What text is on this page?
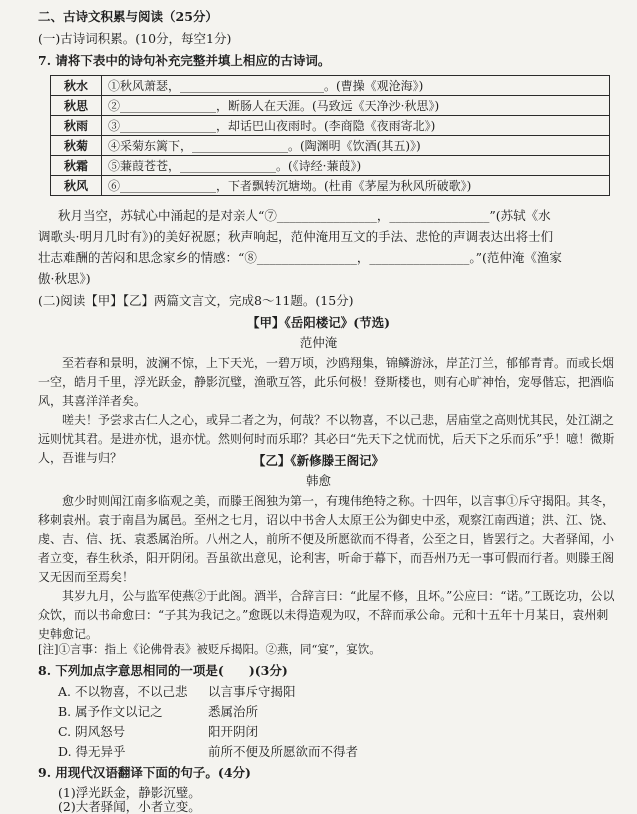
二、古诗文积累与阅读（25分）
(一)古诗词积累。(10分，每空1分)
7. 请将下表中的诗句补充完整并填上相应的古诗词。
秋水	①秋风萧瑟，________________________。(曹操《观沧海》)
秋思	②________________，断肠人在天涯。(马致远《天净沙·秋思》)
秋雨	③________________，却话巴山夜雨时。(李商隐《夜雨寄北》)
秋菊	④采菊东篱下，________________。(陶渊明《饮酒(其五)》)
秋霜	⑤蒹葭苍苍，________________。(《诗经·蒹葭》)
秋风	⑥________________，下者飘转沉塘坳。(杜甫《茅屋为秋风所破歌》)
秋月当空，苏轼心中涌起的是对亲人“⑦________________，________________”(苏轼《水
调歌头·明月几时有》)的美好祝愿；秋声响起，范仲淹用互文的手法、悲怆的声调表达出将士们
壮志难酬的苦闷和思念家乡的情感：“⑧________________，________________。”(范仲淹《渔家
傲·秋思》)
(二)阅读【甲】【乙】两篇文言文，完成8～11题。(15分)
【甲】《岳阳楼记》(节选)
范仲淹

至若春和景明，波澜不惊，上下天光，一碧万顷，沙鸥翔集，锦鳞游泳，岸芷汀兰，郁郁青青。而或长烟一空，皓月千里，浮光跃金，静影沉璧，渔歌互答，此乐何极！登斯楼也，则有心旷神怡，宠辱偕忘，把酒临风，其喜洋洋者矣。

嗟夫！予尝求古仁人之心，或异二者之为，何哉？不以物喜，不以己悲，居庙堂之高则忧其民，处江湖之远则忧其君。是进亦忧，退亦忧。然则何时而乐耶？其必曰“先天下之忧而忧，后天下之乐而乐”乎！噫！微斯人，吾谁与归？	【乙】《新修滕王阁记》
韩愈

愈少时则闻江南多临观之美，而滕王阁独为第一，有瑰伟绝特之称。十四年，以言事①斥守揭阳。其冬，移刺袁州。袁于南昌为属邑。至州之七月，诏以中书舍人太原王公为御史中丞，观察江南西道；洪、江、饶、虔、吉、信、抚、袁悉属治所。八州之人，前所不便及所愿欲而不得者，公至之日，皆罢行之。大者驿闻，小者立变，春生秋杀，阳开阴闭。吾虽欲出意见，论利害，听命于幕下，而吾州乃无一事可假而行者。则滕王阁又无因而至焉矣！

其岁九月，公与监军使燕②于此阁。酒半，合辞言曰：“此屋不修，且坏。”公应曰：“诺。”工既讫功，公以众饮，而以书命愈曰：“子其为我记之。”愈既以未得造观为叹，不辞而承公命。元和十五年十月某日，袁州刺史韩愈记。

[注]①言事：指上《论佛骨表》被贬斥揭阳。②燕，同“宴”，宴饮。
8. 下列加点字意思相同的一项是(　　)(3分)
A. 不以物喜，不以己悲	以言事斥守揭阳
B. 属予作文以记之	悉属治所
C. 阴风怒号	阳开阴闭
D. 得无异乎	前所不便及所愿欲而不得者
9. 用现代汉语翻译下面的句子。(4分)
(1)浮光跃金，静影沉璧。
(2)大者驿闻，小者立变。
